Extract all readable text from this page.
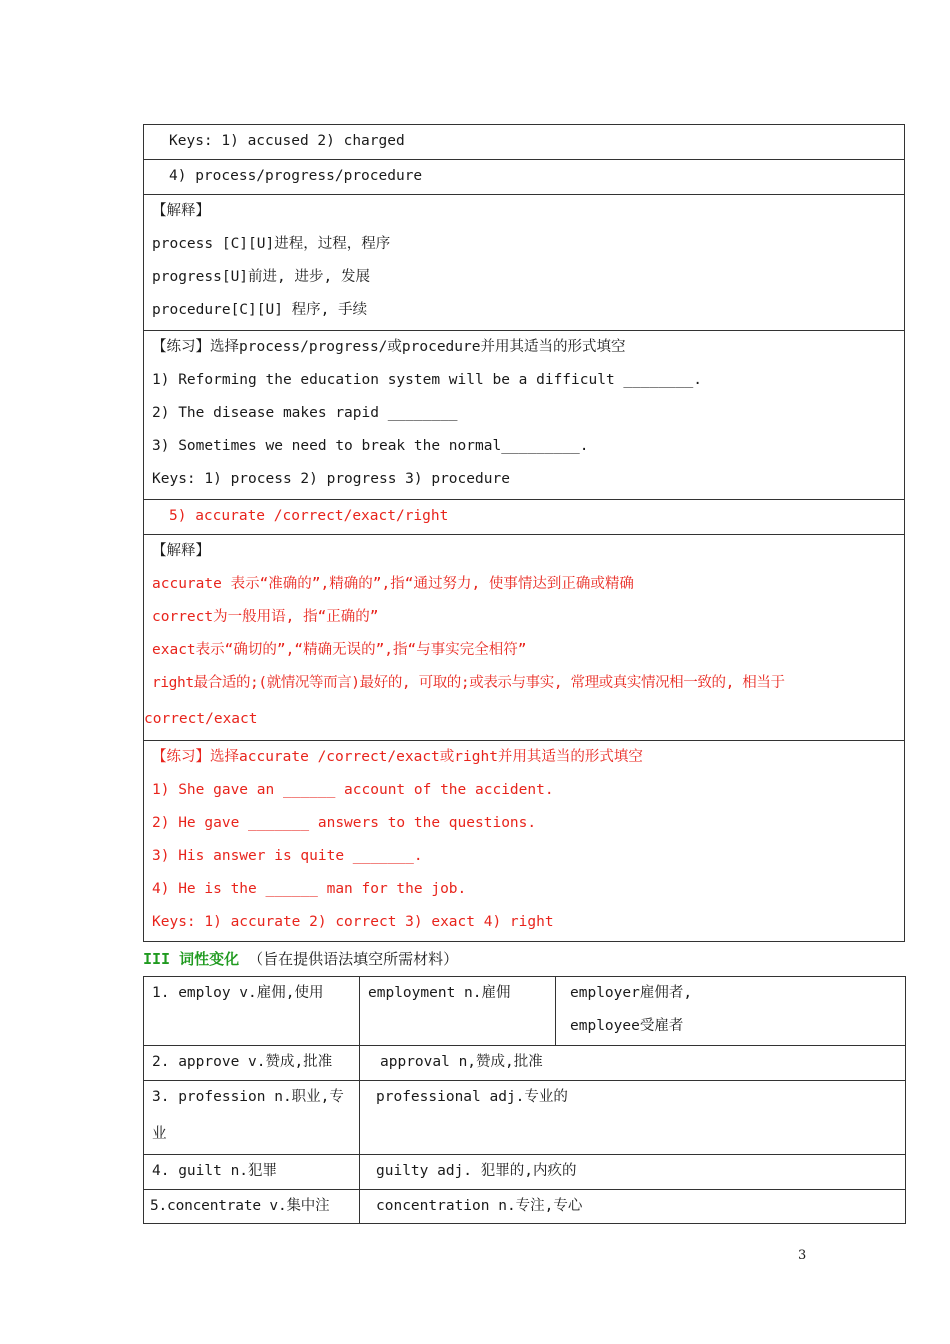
Keys: 1) accused 2) charged

4) process/progress/procedure

【解释】
process [C][U]进程，过程，程序
progress[U]前进, 进步, 发展
procedure[C][U] 程序, 手续

【练习】选择process/progress/或procedure并用其适当的形式填空
1) Reforming the education system will be a difficult ________.
2) The disease makes rapid ________
3) Sometimes we need to break the normal_________.
Keys: 1) process 2) progress 3) procedure

5) accurate /correct/exact/right

【解释】
accurate 表示“准确的”,精确的”,指“通过努力, 使事情达到正确或精确
correct为一般用语, 指“正确的”
exact表示“确切的”,“精确无误的”,指“与事实完全相符”
right最合适的;(就情况等而言)最好的, 可取的;或表示与事实, 常理或真实情况相一致的, 相当于
correct/exact

【练习】选择accurate /correct/exact或right并用其适当的形式填空
1) She gave an ______ account of the accident.
2) He gave _______ answers to the questions.
3) His answer is quite _______.
4) He is the ______ man for the job.
Keys: 1) accurate 2) correct 3) exact 4) right
III 词性变化 （旨在提供语法填空所需材料）
1. employ v.雇佣,使用	employment n.雇佣	employer雇佣者,
employee受雇者

2. approve v.赞成,批准	approval n,赞成,批准	

3. profession n.职业,专
业	professional adj.专业的	

4. guilt n.犯罪	guilty adj. 犯罪的,内疚的	

5.concentrate v.集中注	concentration n.专注,专心	
3
